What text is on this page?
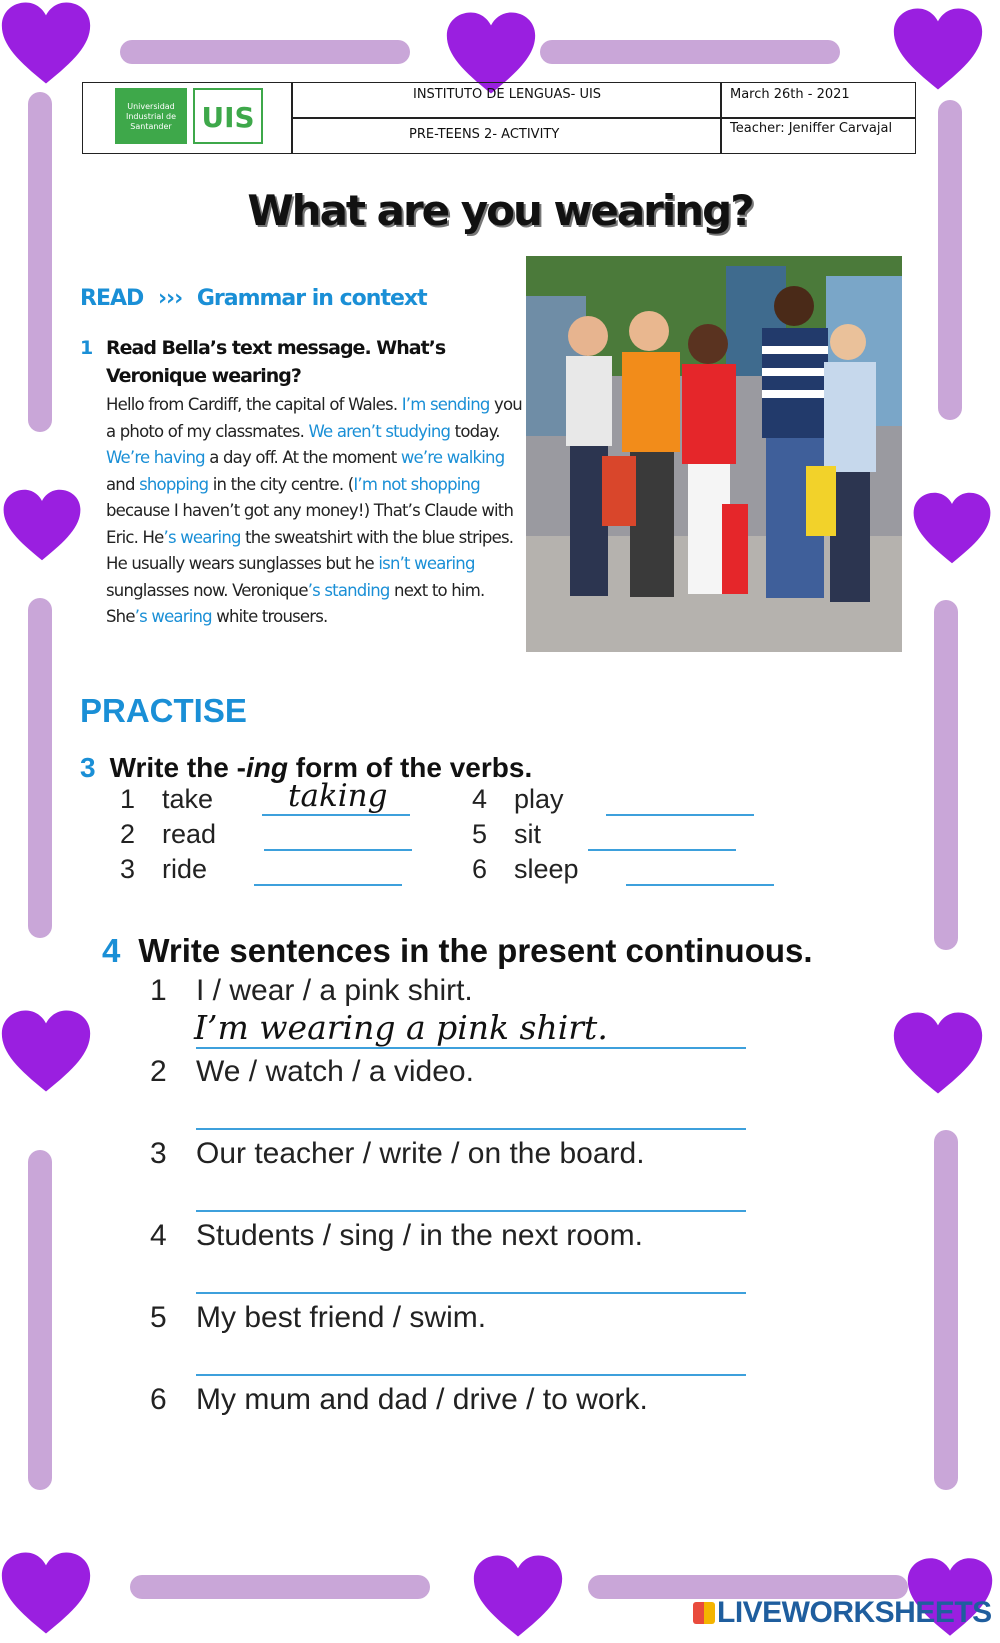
Universidad Industrial de Santander UIS
INSTITUTO DE LENGUAS- UIS
PRE-TEENS 2- ACTIVITY
March 26th - 2021
Teacher: Jeniffer Carvajal
What are you wearing?
READ ››› Grammar in context
1 Read Bella’s text message. What’s Veronique wearing?
Hello from Cardiff, the capital of Wales. I’m sending you a photo of my classmates. We aren’t studying today. We’re having a day off. At the moment we’re walking and shopping in the city centre. (I’m not shopping because I haven’t got any money!) That’s Claude with Eric. He’s wearing the sweatshirt with the blue stripes. He usually wears sunglasses but he isn’t wearing sunglasses now. Veronique’s standing next to him. She’s wearing white trousers.
PRACTISE
3 Write the -ing form of the verbs.
1 take
2 read
3 ride
4 play
5 sit
6 sleep
taking
4 Write sentences in the present continuous.
1 I / wear / a pink shirt.
I’m wearing a pink shirt.
2 We / watch / a video.
3 Our teacher / write / on the board.
4 Students / sing / in the next room.
5 My best friend / swim.
6 My mum and dad / drive / to work.
LIVEWORKSHEETS
